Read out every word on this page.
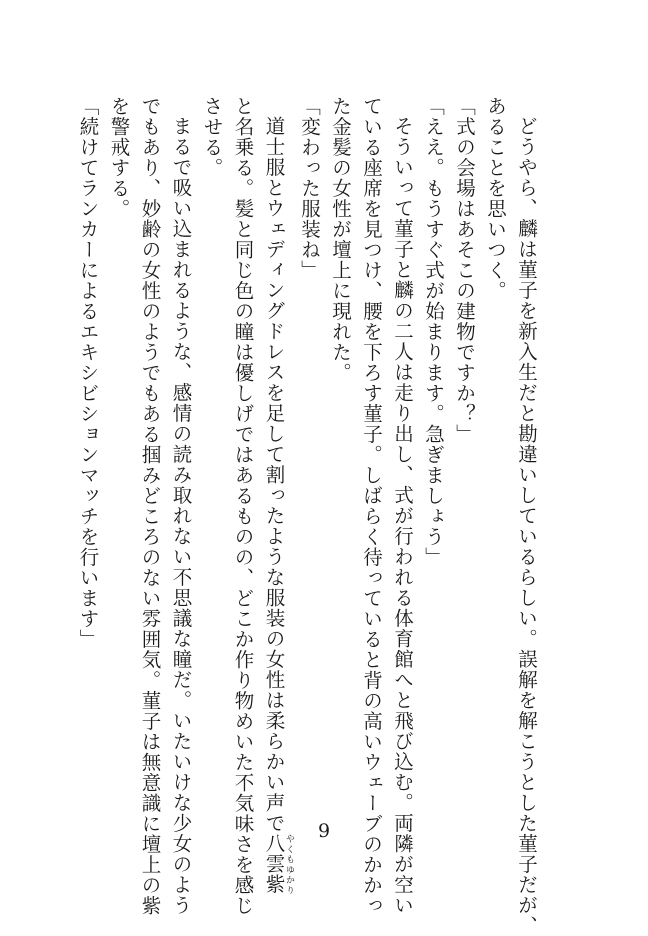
どうやら、麟は菫子を新入生だと勘違いしているらしい。誤解を解こうとした菫子だが、
あることを思いつく。
「式の会場はあそこの建物ですか？」
「ええ。もうすぐ式が始まります。急ぎましょう」
そういって菫子と麟の二人は走り出し、式が行われる体育館へと飛び込む。両隣が空い
ている座席を見つけ、腰を下ろす菫子。しばらく待っていると背の高いウェーブのかかっ
た金髪の女性が壇上に現れた。
「変わった服装ね」
道士服とウェディングドレスを足して割ったような服装の女性は柔らかい声で八雲紫やくもゆかり
と名乗る。髪と同じ色の瞳は優しげではあるものの、どこか作り物めいた不気味さを感じ
させる。
まるで吸い込まれるような、感情の読み取れない不思議な瞳だ。いたいけな少女のよう
でもあり、妙齢の女性のようでもある掴みどころのない雰囲気。菫子は無意識に壇上の紫
を警戒する。
「続けてランカーによるエキシビションマッチを行います」
9
